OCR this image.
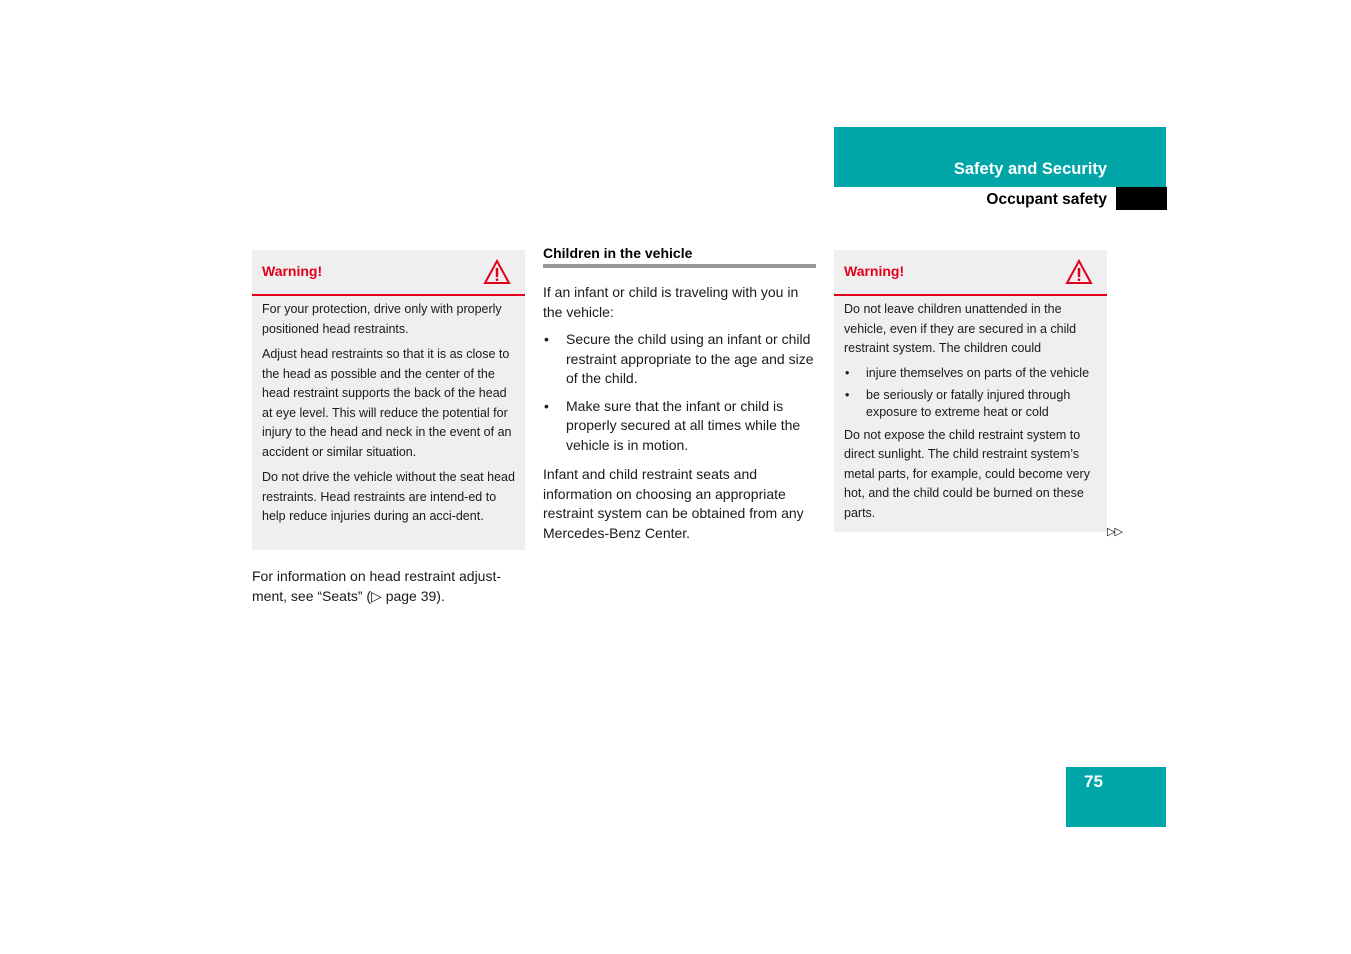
Safety and Security
Occupant safety
Warning!

For your protection, drive only with properly positioned head restraints.

Adjust head restraints so that it is as close to the head as possible and the center of the head restraint supports the back of the head at eye level. This will reduce the potential for injury to the head and neck in the event of an accident or similar situation.

Do not drive the vehicle without the seat head restraints. Head restraints are intend-ed to help reduce injuries during an acci-dent.

For information on head restraint adjust-ment, see “Seats” (▷ page 39).
Children in the vehicle

If an infant or child is traveling with you in the vehicle:

• Secure the child using an infant or child restraint appropriate to the age and size of the child.
• Make sure that the infant or child is properly secured at all times while the vehicle is in motion.

Infant and child restraint seats and information on choosing an appropriate restraint system can be obtained from any Mercedes-Benz Center.

Warning!

Do not leave children unattended in the vehicle, even if they are secured in a child restraint system. The children could

• injure themselves on parts of the vehicle
• be seriously or fatally injured through exposure to extreme heat or cold

Do not expose the child restraint system to direct sunlight. The child restraint system’s metal parts, for example, could become very hot, and the child could be burned on these parts.

▷▷
75
